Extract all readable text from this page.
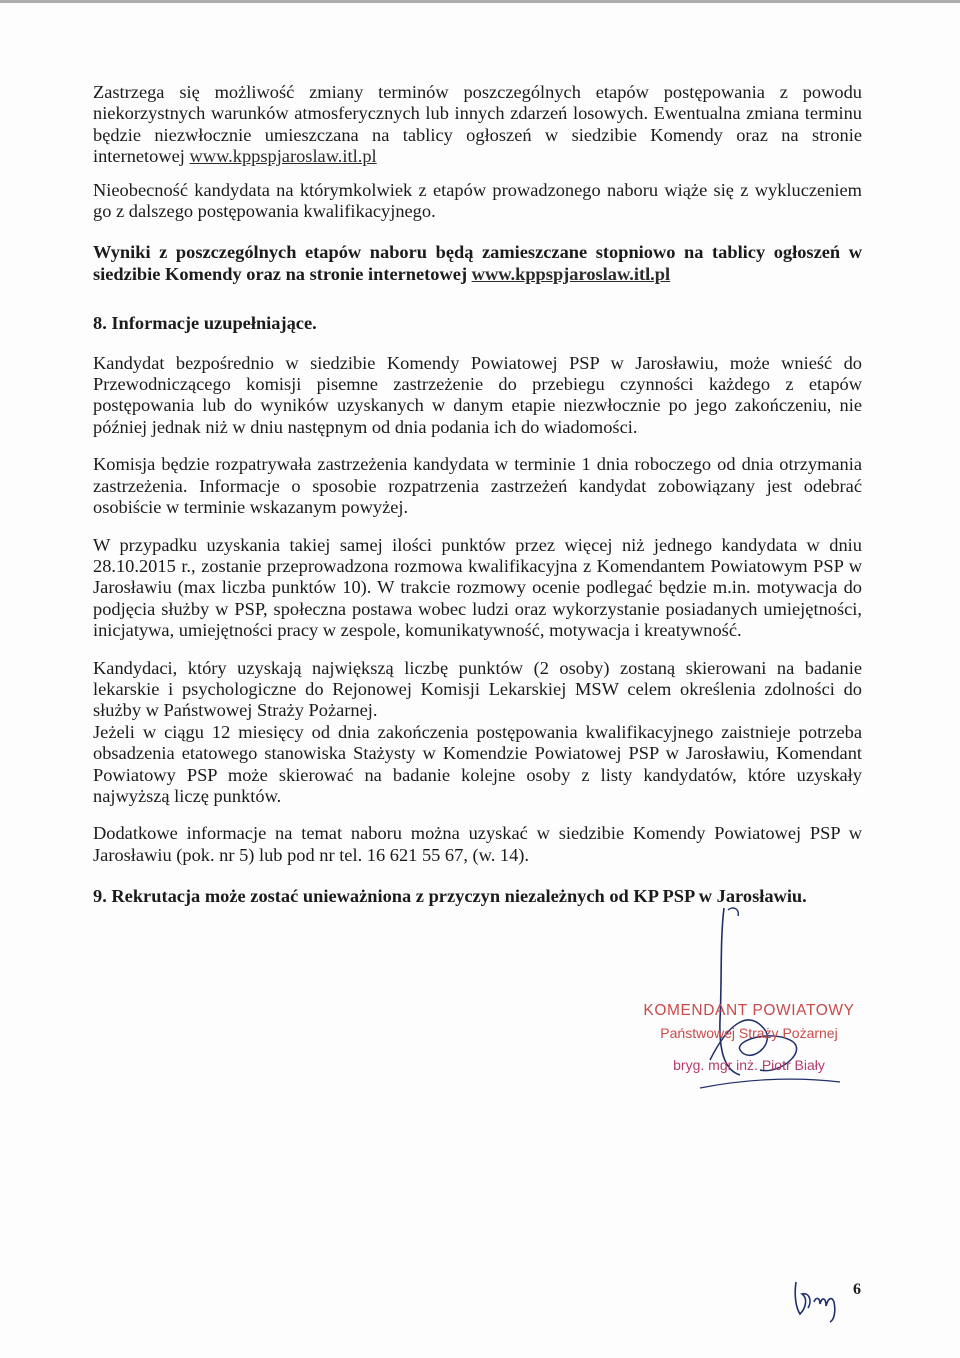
Zastrzega się możliwość zmiany terminów poszczególnych etapów postępowania z powodu niekorzystnych warunków atmosferycznych lub innych zdarzeń losowych. Ewentualna zmiana terminu będzie niezwłocznie umieszczana na tablicy ogłoszeń w siedzibie Komendy oraz na stronie internetowej www.kppspjaroslaw.itl.pl

Nieobecność kandydata na którymkolwiek z etapów prowadzonego naboru wiąże się z wykluczeniem go z dalszego postępowania kwalifikacyjnego.

Wyniki z poszczególnych etapów naboru będą zamieszczane stopniowo na tablicy ogłoszeń w siedzibie Komendy oraz na stronie internetowej www.kppspjaroslaw.itl.pl

8. Informacje uzupełniające.

Kandydat bezpośrednio w siedzibie Komendy Powiatowej PSP w Jarosławiu, może wnieść do Przewodniczącego komisji pisemne zastrzeżenie do przebiegu czynności każdego z etapów postępowania lub do wyników uzyskanych w danym etapie niezwłocznie po jego zakończeniu, nie później jednak niż w dniu następnym od dnia podania ich do wiadomości.

Komisja będzie rozpatrywała zastrzeżenia kandydata w terminie 1 dnia roboczego od dnia otrzymania zastrzeżenia. Informacje o sposobie rozpatrzenia zastrzeżeń kandydat zobowiązany jest odebrać osobiście w terminie wskazanym powyżej.

W przypadku uzyskania takiej samej ilości punktów przez więcej niż jednego kandydata w dniu 28.10.2015 r., zostanie przeprowadzona rozmowa kwalifikacyjna z Komendantem Powiatowym PSP w Jarosławiu (max liczba punktów 10). W trakcie rozmowy ocenie podlegać będzie m.in. motywacja do podjęcia służby w PSP, społeczna postawa wobec ludzi oraz wykorzystanie posiadanych umiejętności, inicjatywa, umiejętności pracy w zespole, komunikatywność, motywacja i kreatywność.

Kandydaci, który uzyskają największą liczbę punktów (2 osoby) zostaną skierowani na badanie lekarskie i psychologiczne do Rejonowej Komisji Lekarskiej MSW celem określenia zdolności do służby w Państwowej Straży Pożarnej.

Jeżeli w ciągu 12 miesięcy od dnia zakończenia postępowania kwalifikacyjnego zaistnieje potrzeba obsadzenia etatowego stanowiska Stażysty w Komendzie Powiatowej PSP w Jarosławiu, Komendant Powiatowy PSP może skierować na badanie kolejne osoby z listy kandydatów, które uzyskały najwyższą liczę punktów.

Dodatkowe informacje na temat naboru można uzyskać w siedzibie Komendy Powiatowej PSP w Jarosławiu (pok. nr 5) lub pod nr tel. 16 621 55 67, (w. 14).

9. Rekrutacja może zostać unieważniona z przyczyn niezależnych od KP PSP w Jarosławiu.

KOMENDANT POWIATOWY
Państwowej Straży Pożarnej
bryg. mgr inż. Piotr Biały
6
